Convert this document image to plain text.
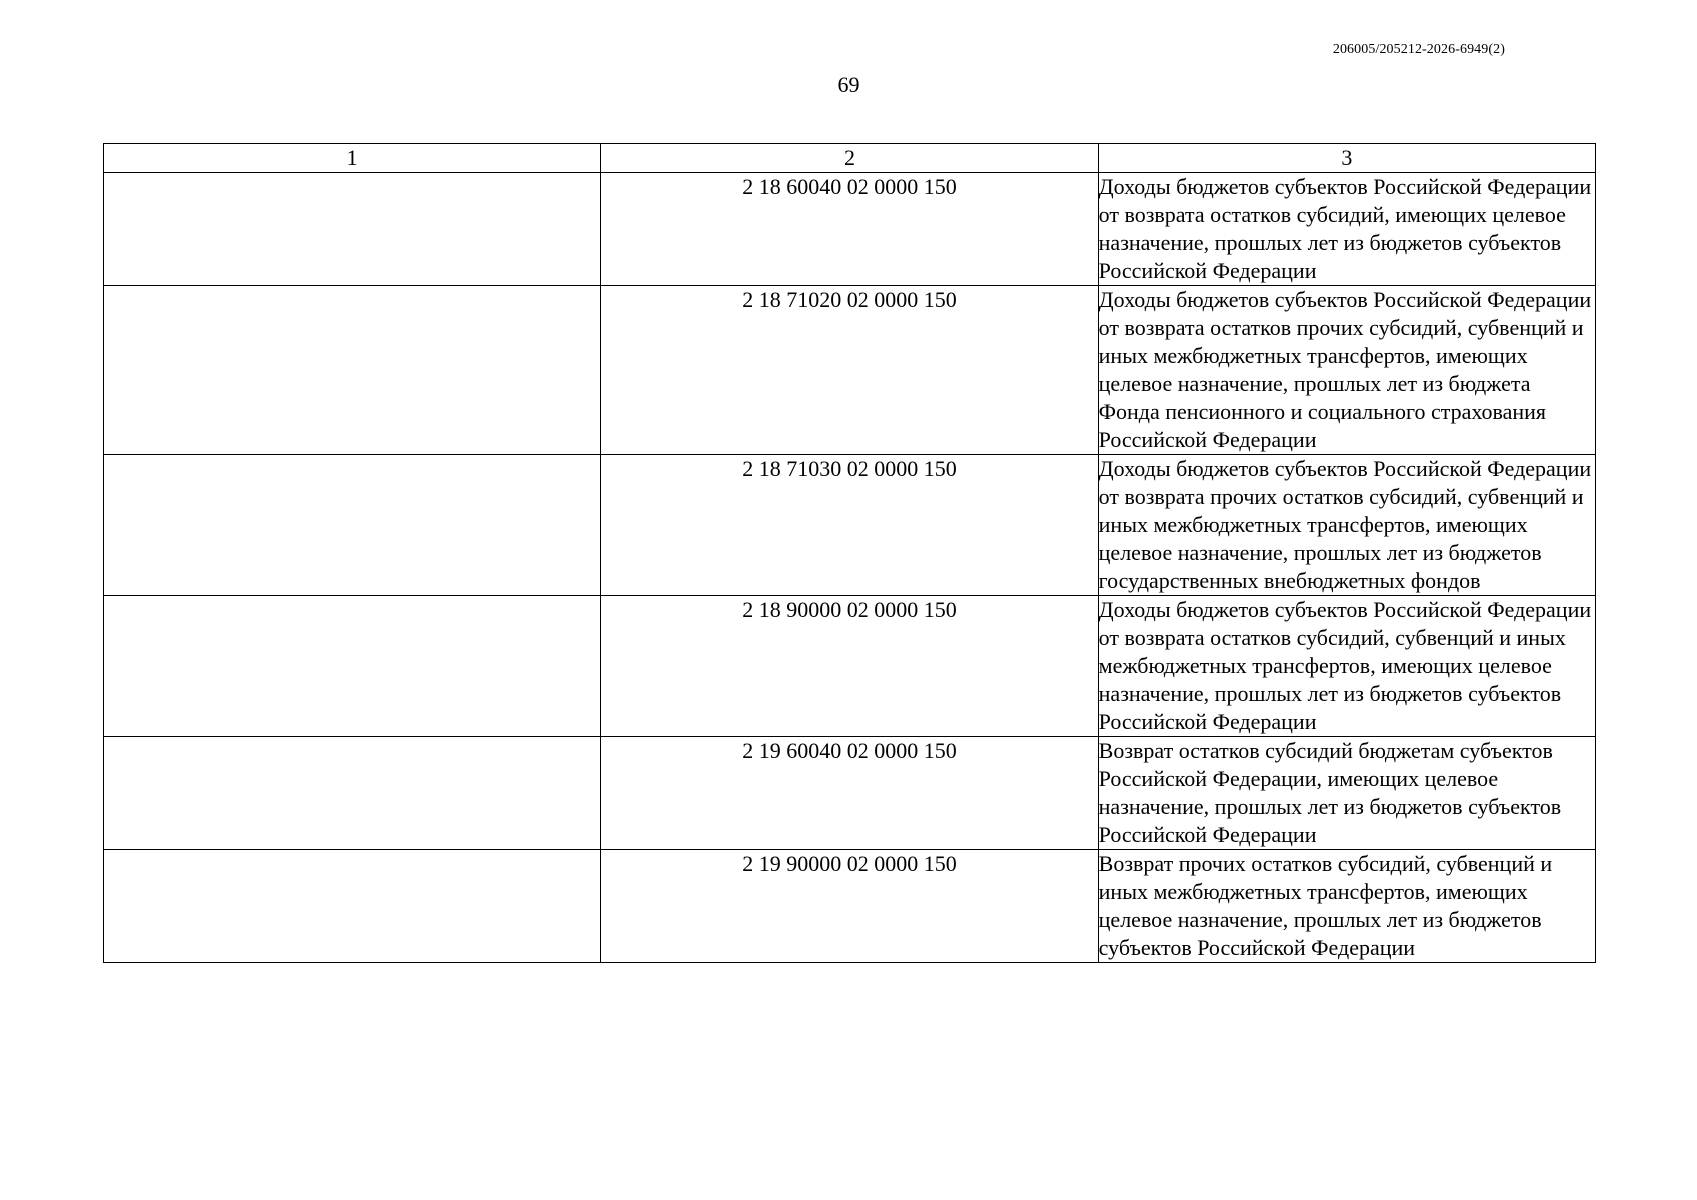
206005/205212-2026-6949(2)
69
1	2	3
	2 18 60040 02 0000 150	Доходы бюджетов субъектов Российской Федерации от возврата остатков субсидий, имеющих целевое назначение, прошлых лет из бюджетов субъектов Российской Федерации
	2 18 71020 02 0000 150	Доходы бюджетов субъектов Российской Федерации от возврата остатков прочих субсидий, субвенций и иных межбюджетных трансфертов, имеющих целевое назначение, прошлых лет из бюджета Фонда пенсионного и социального страхования Российской Федерации
	2 18 71030 02 0000 150	Доходы бюджетов субъектов Российской Федерации от возврата прочих остатков субсидий, субвенций и иных межбюджетных трансфертов, имеющих целевое назначение, прошлых лет из бюджетов государственных внебюджетных фондов
	2 18 90000 02 0000 150	Доходы бюджетов субъектов Российской Федерации от возврата остатков субсидий, субвенций и иных межбюджетных трансфертов, имеющих целевое назначение, прошлых лет из бюджетов субъектов Российской Федерации
	2 19 60040 02 0000 150	Возврат остатков субсидий бюджетам субъектов Российской Федерации, имеющих целевое назначение, прошлых лет из бюджетов субъектов Российской Федерации
	2 19 90000 02 0000 150	Возврат прочих остатков субсидий, субвенций и иных межбюджетных трансфертов, имеющих целевое назначение, прошлых лет из бюджетов субъектов Российской Федерации
